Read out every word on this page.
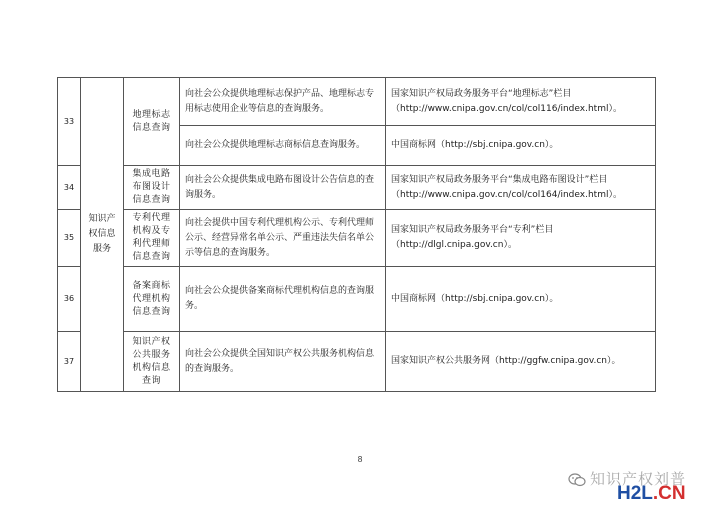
33	知识产权信息服务	地理标志信息查询	向社会公众提供地理标志保护产品、地理标志专用标志使用企业等信息的查询服务。	国家知识产权局政务服务平台“地理标志”栏目（http://www.cnipa.gov.cn/col/col116/index.html）。
			向社会公众提供地理标志商标信息查询服务。	中国商标网（http://sbj.cnipa.gov.cn）。
34		集成电路布图设计信息查询	向社会公众提供集成电路布图设计公告信息的查询服务。	国家知识产权局政务服务平台“集成电路布图设计”栏目（http://www.cnipa.gov.cn/col/col164/index.html）。
35		专利代理机构及专利代理师信息查询	向社会提供中国专利代理机构公示、专利代理师公示、经营异常名单公示、严重违法失信名单公示等信息的查询服务。	国家知识产权局政务服务平台“专利”栏目（http://dlgl.cnipa.gov.cn）。
36		备案商标代理机构信息查询	向社会公众提供备案商标代理机构信息的查询服务。	中国商标网（http://sbj.cnipa.gov.cn）。
37		知识产权公共服务机构信息查询	向社会公众提供全国知识产权公共服务机构信息的查询服务。	国家知识产权公共服务网（http://ggfw.cnipa.gov.cn）。
8
知识产权刘普
H2L.CN
